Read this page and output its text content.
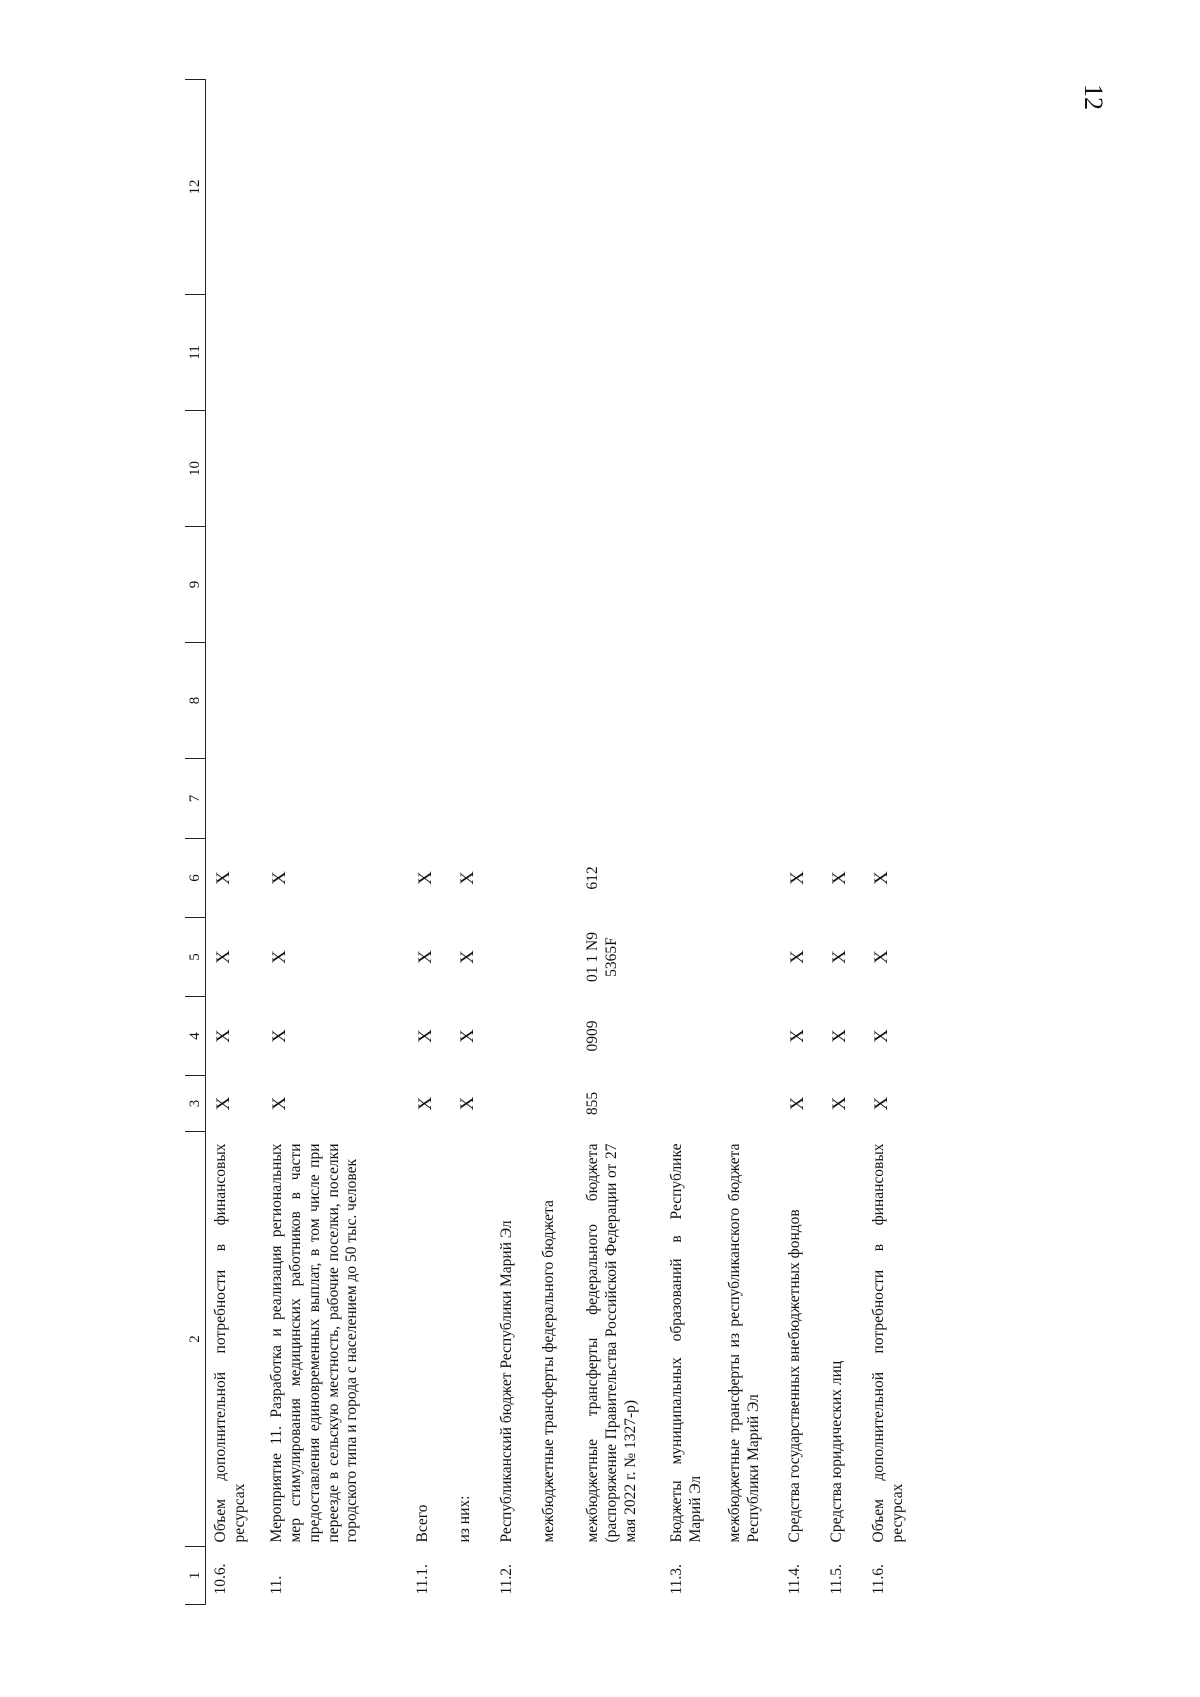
12
1	2	3	4	5	6	7	8	9	10	11	12
10.6.	Объем дополнительной потребности в финансовых ресурсах	X	X	X	X						
11.	Мероприятие 11. Разработка и реализация региональных мер стимулирования медицинских работников в части предоставления единовременных выплат, в том числе при переезде в сельскую местность, рабочие поселки, поселки городского типа и города с населением до 50 тыс. человек	X	X	X	X						
11.1.	Всего	X	X	X	X						
	из них:	X	X	X	X						
11.2.	Республиканский бюджет Республики Марий Эл										
	межбюджетные трансферты федерального бюджета										
	межбюджетные трансферты федерального бюджета (распоряжение Правительства Российской Федерации от 27 мая 2022 г. № 1327-р)	855	0909	01 1 N9 5365F	612						
11.3.	Бюджеты муниципальных образований в Республике Марий Эл										
	межбюджетные трансферты из республиканского бюджета Республики Марий Эл										
11.4.	Средства государственных внебюджетных фондов	X	X	X	X						
11.5.	Средства юридических лиц	X	X	X	X						
11.6.	Объем дополнительной потребности в финансовых ресурсах	X	X	X	X						
